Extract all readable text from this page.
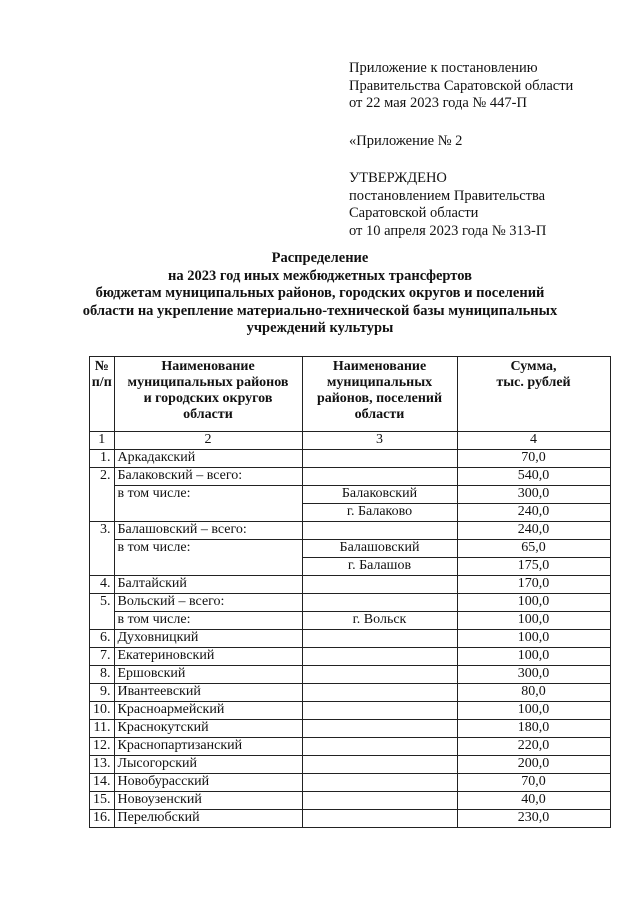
Приложение к постановлению
Правительства Саратовской области
от 22 мая 2023 года № 447-П
«Приложение № 2
УТВЕРЖДЕНО
постановлением Правительства
Саратовской области
от 10 апреля 2023 года № 313-П
Распределение
на 2023 год иных межбюджетных трансфертов
бюджетам муниципальных районов, городских округов и поселений
области на укрепление материально-технической базы муниципальных
учреждений культуры
№
п/п	Наименование
муниципальных районов
и городских округов
области	Наименование
муниципальных
районов, поселений
области	Сумма,
тыс. рублей
1	2	3	4
1.	Аркадакский		70,0
2.	Балаковский – всего:		540,0
	в том числе:	Балаковский	300,0
		г. Балаково	240,0
3.	Балашовский – всего:		240,0
	в том числе:	Балашовский	65,0
		г. Балашов	175,0
4.	Балтайский		170,0
5.	Вольский – всего:		100,0
	в том числе:	г. Вольск	100,0
6.	Духовницкий		100,0
7.	Екатериновский		100,0
8.	Ершовский		300,0
9.	Ивантеевский		80,0
10.	Красноармейский		100,0
11.	Краснокутский		180,0
12.	Краснопартизанский		220,0
13.	Лысогорский		200,0
14.	Новобурасский		70,0
15.	Новоузенский		40,0
16.	Перелюбский		230,0
